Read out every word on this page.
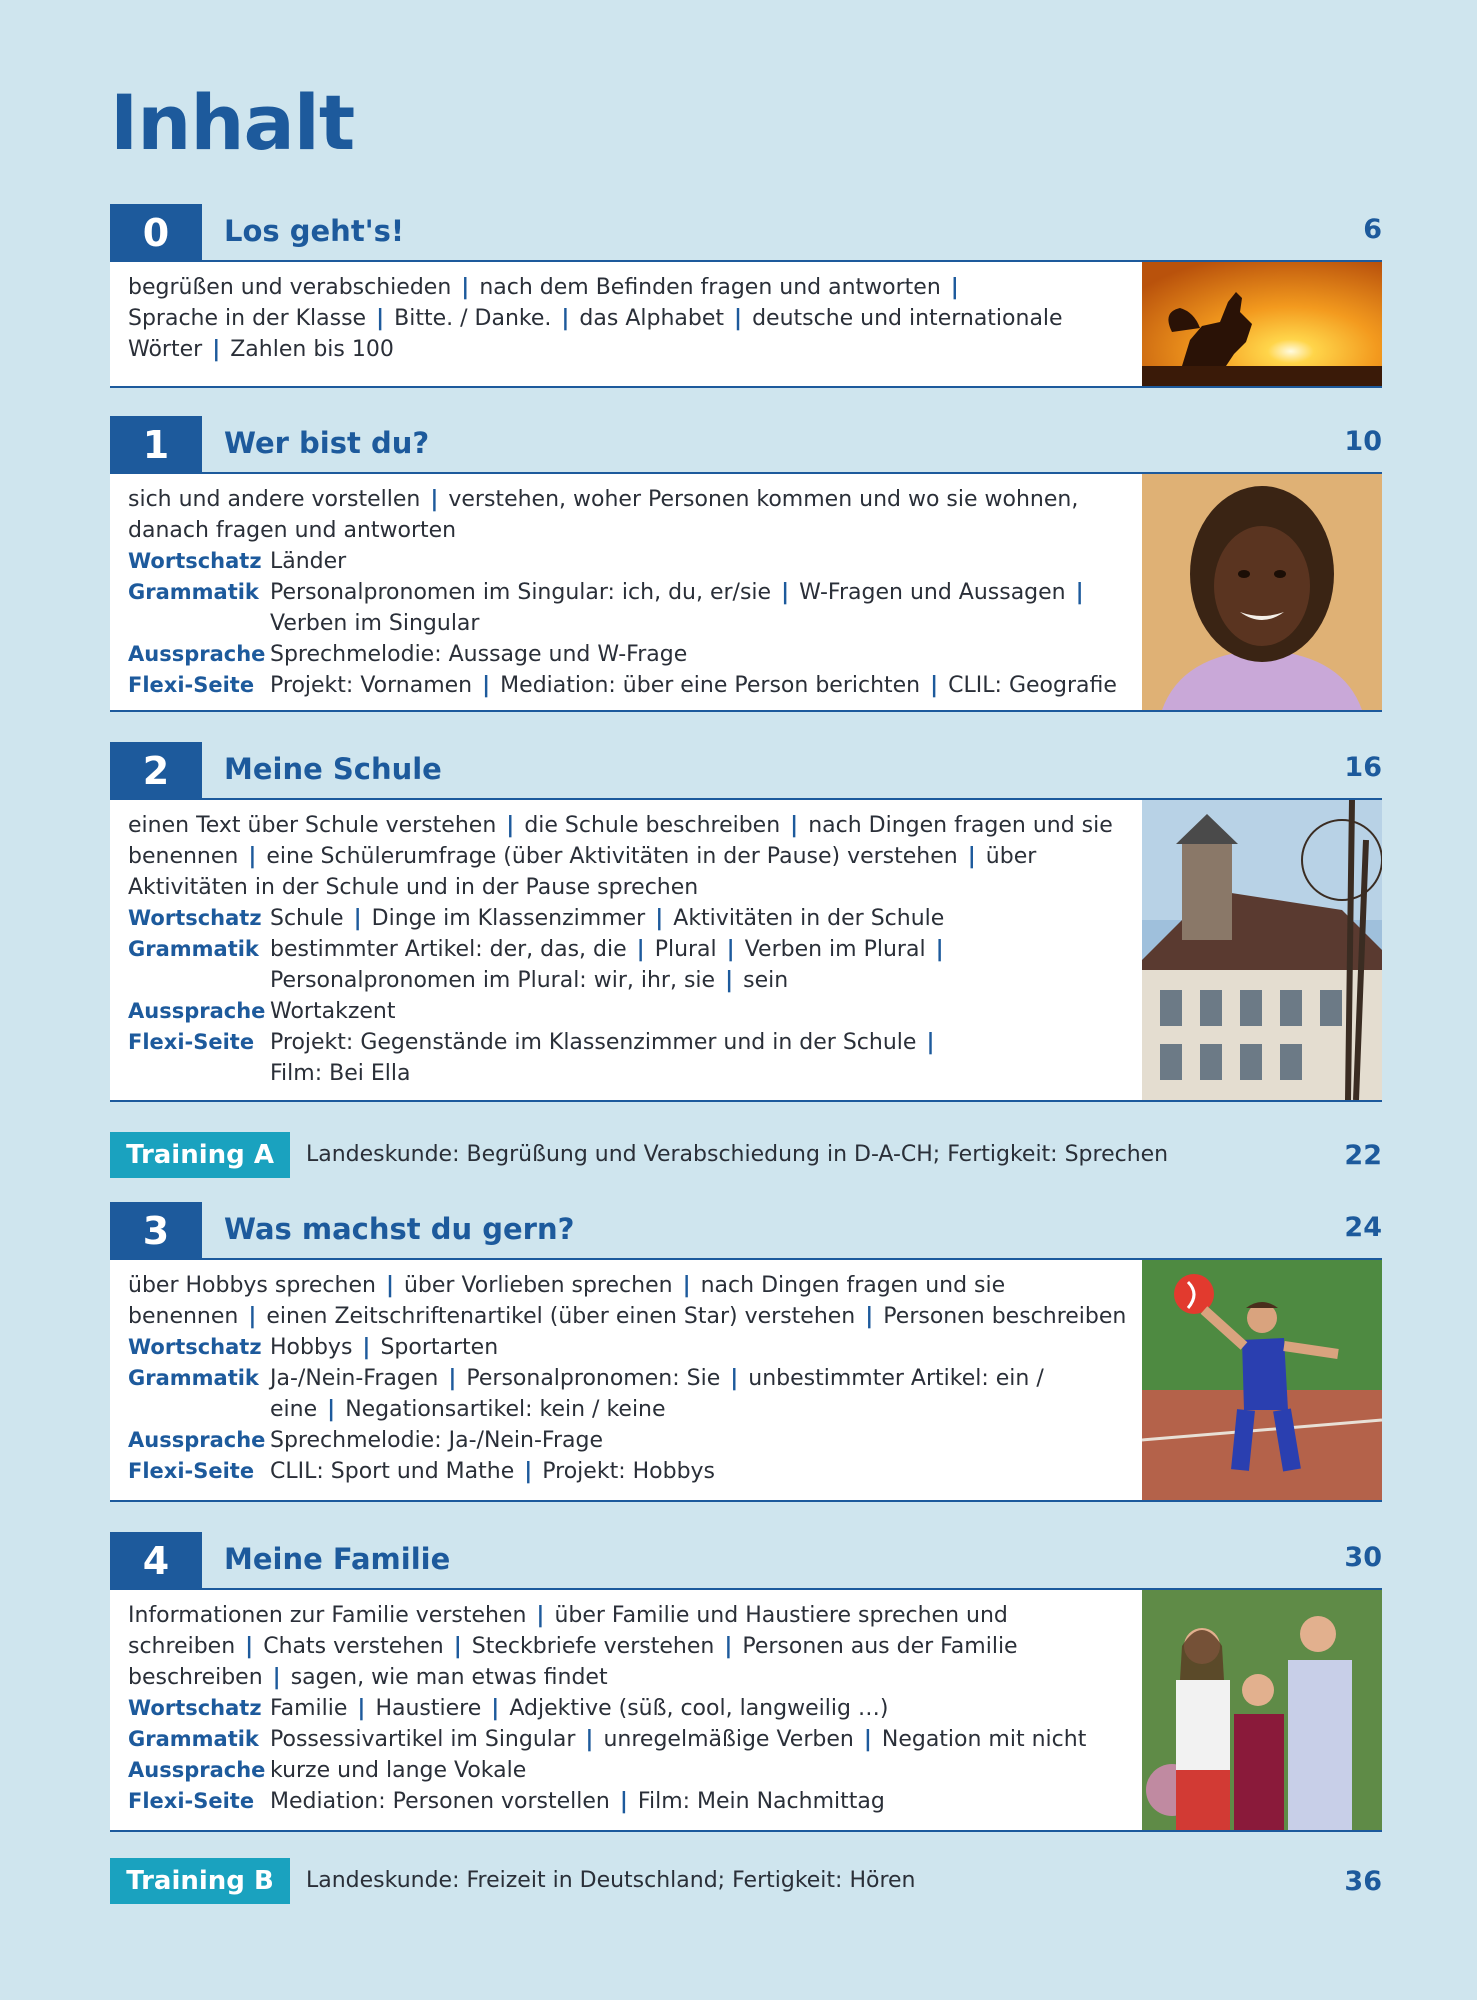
Inhalt
0	Los geht's!	6

begrüßen und verabschieden | nach dem Befinden fragen und antworten |
Sprache in der Klasse | Bitte. / Danke. | das Alphabet | deutsche und internationale Wörter | Zahlen bis 100

1	Wer bist du?	10

sich und andere vorstellen | verstehen, woher Personen kommen und wo sie wohnen, danach fragen und antworten

Wortschatz Länder
Grammatik Personalpronomen im Singular: ich, du, er/sie | W-Fragen und Aussagen |
Verben im Singular
Aussprache Sprechmelodie: Aussage und W-Frage
Flexi-Seite Projekt: Vornamen | Mediation: über eine Person berichten | CLIL: Geografie
2	Meine Schule	16

einen Text über Schule verstehen | die Schule beschreiben | nach Dingen fragen und sie benennen | eine Schülerumfrage (über Aktivitäten in der Pause) verstehen | über Aktivitäten in der Schule und in der Pause sprechen

Wortschatz Schule | Dinge im Klassenzimmer | Aktivitäten in der Schule
Grammatik bestimmter Artikel: der, das, die | Plural | Verben im Plural |
Personalpronomen im Plural: wir, ihr, sie | sein
Aussprache Wortakzent
Flexi-Seite Projekt: Gegenstände im Klassenzimmer und in der Schule |
Film: Bei Ella
Training A	Landeskunde: Begrüßung und Verabschiedung in D-A-CH; Fertigkeit: Sprechen	22
3	Was machst du gern?	24

über Hobbys sprechen | über Vorlieben sprechen | nach Dingen fragen und sie benennen | einen Zeitschriftenartikel (über einen Star) verstehen | Personen beschreiben

Wortschatz Hobbys | Sportarten
Grammatik Ja-/Nein-Fragen | Personalpronomen: Sie | unbestimmter Artikel: ein / eine | Negationsartikel: kein / keine
Aussprache Sprechmelodie: Ja-/Nein-Frage
Flexi-Seite CLIL: Sport und Mathe | Projekt: Hobbys
4	Meine Familie	30

Informationen zur Familie verstehen | über Familie und Haustiere sprechen und schreiben | Chats verstehen | Steckbriefe verstehen | Personen aus der Familie beschreiben | sagen, wie man etwas findet

Wortschatz Familie | Haustiere | Adjektive (süß, cool, langweilig …)
Grammatik Possessivartikel im Singular | unregelmäßige Verben | Negation mit nicht
Aussprache kurze und lange Vokale
Flexi-Seite Mediation: Personen vorstellen | Film: Mein Nachmittag
Training B	Landeskunde: Freizeit in Deutschland; Fertigkeit: Hören	36
